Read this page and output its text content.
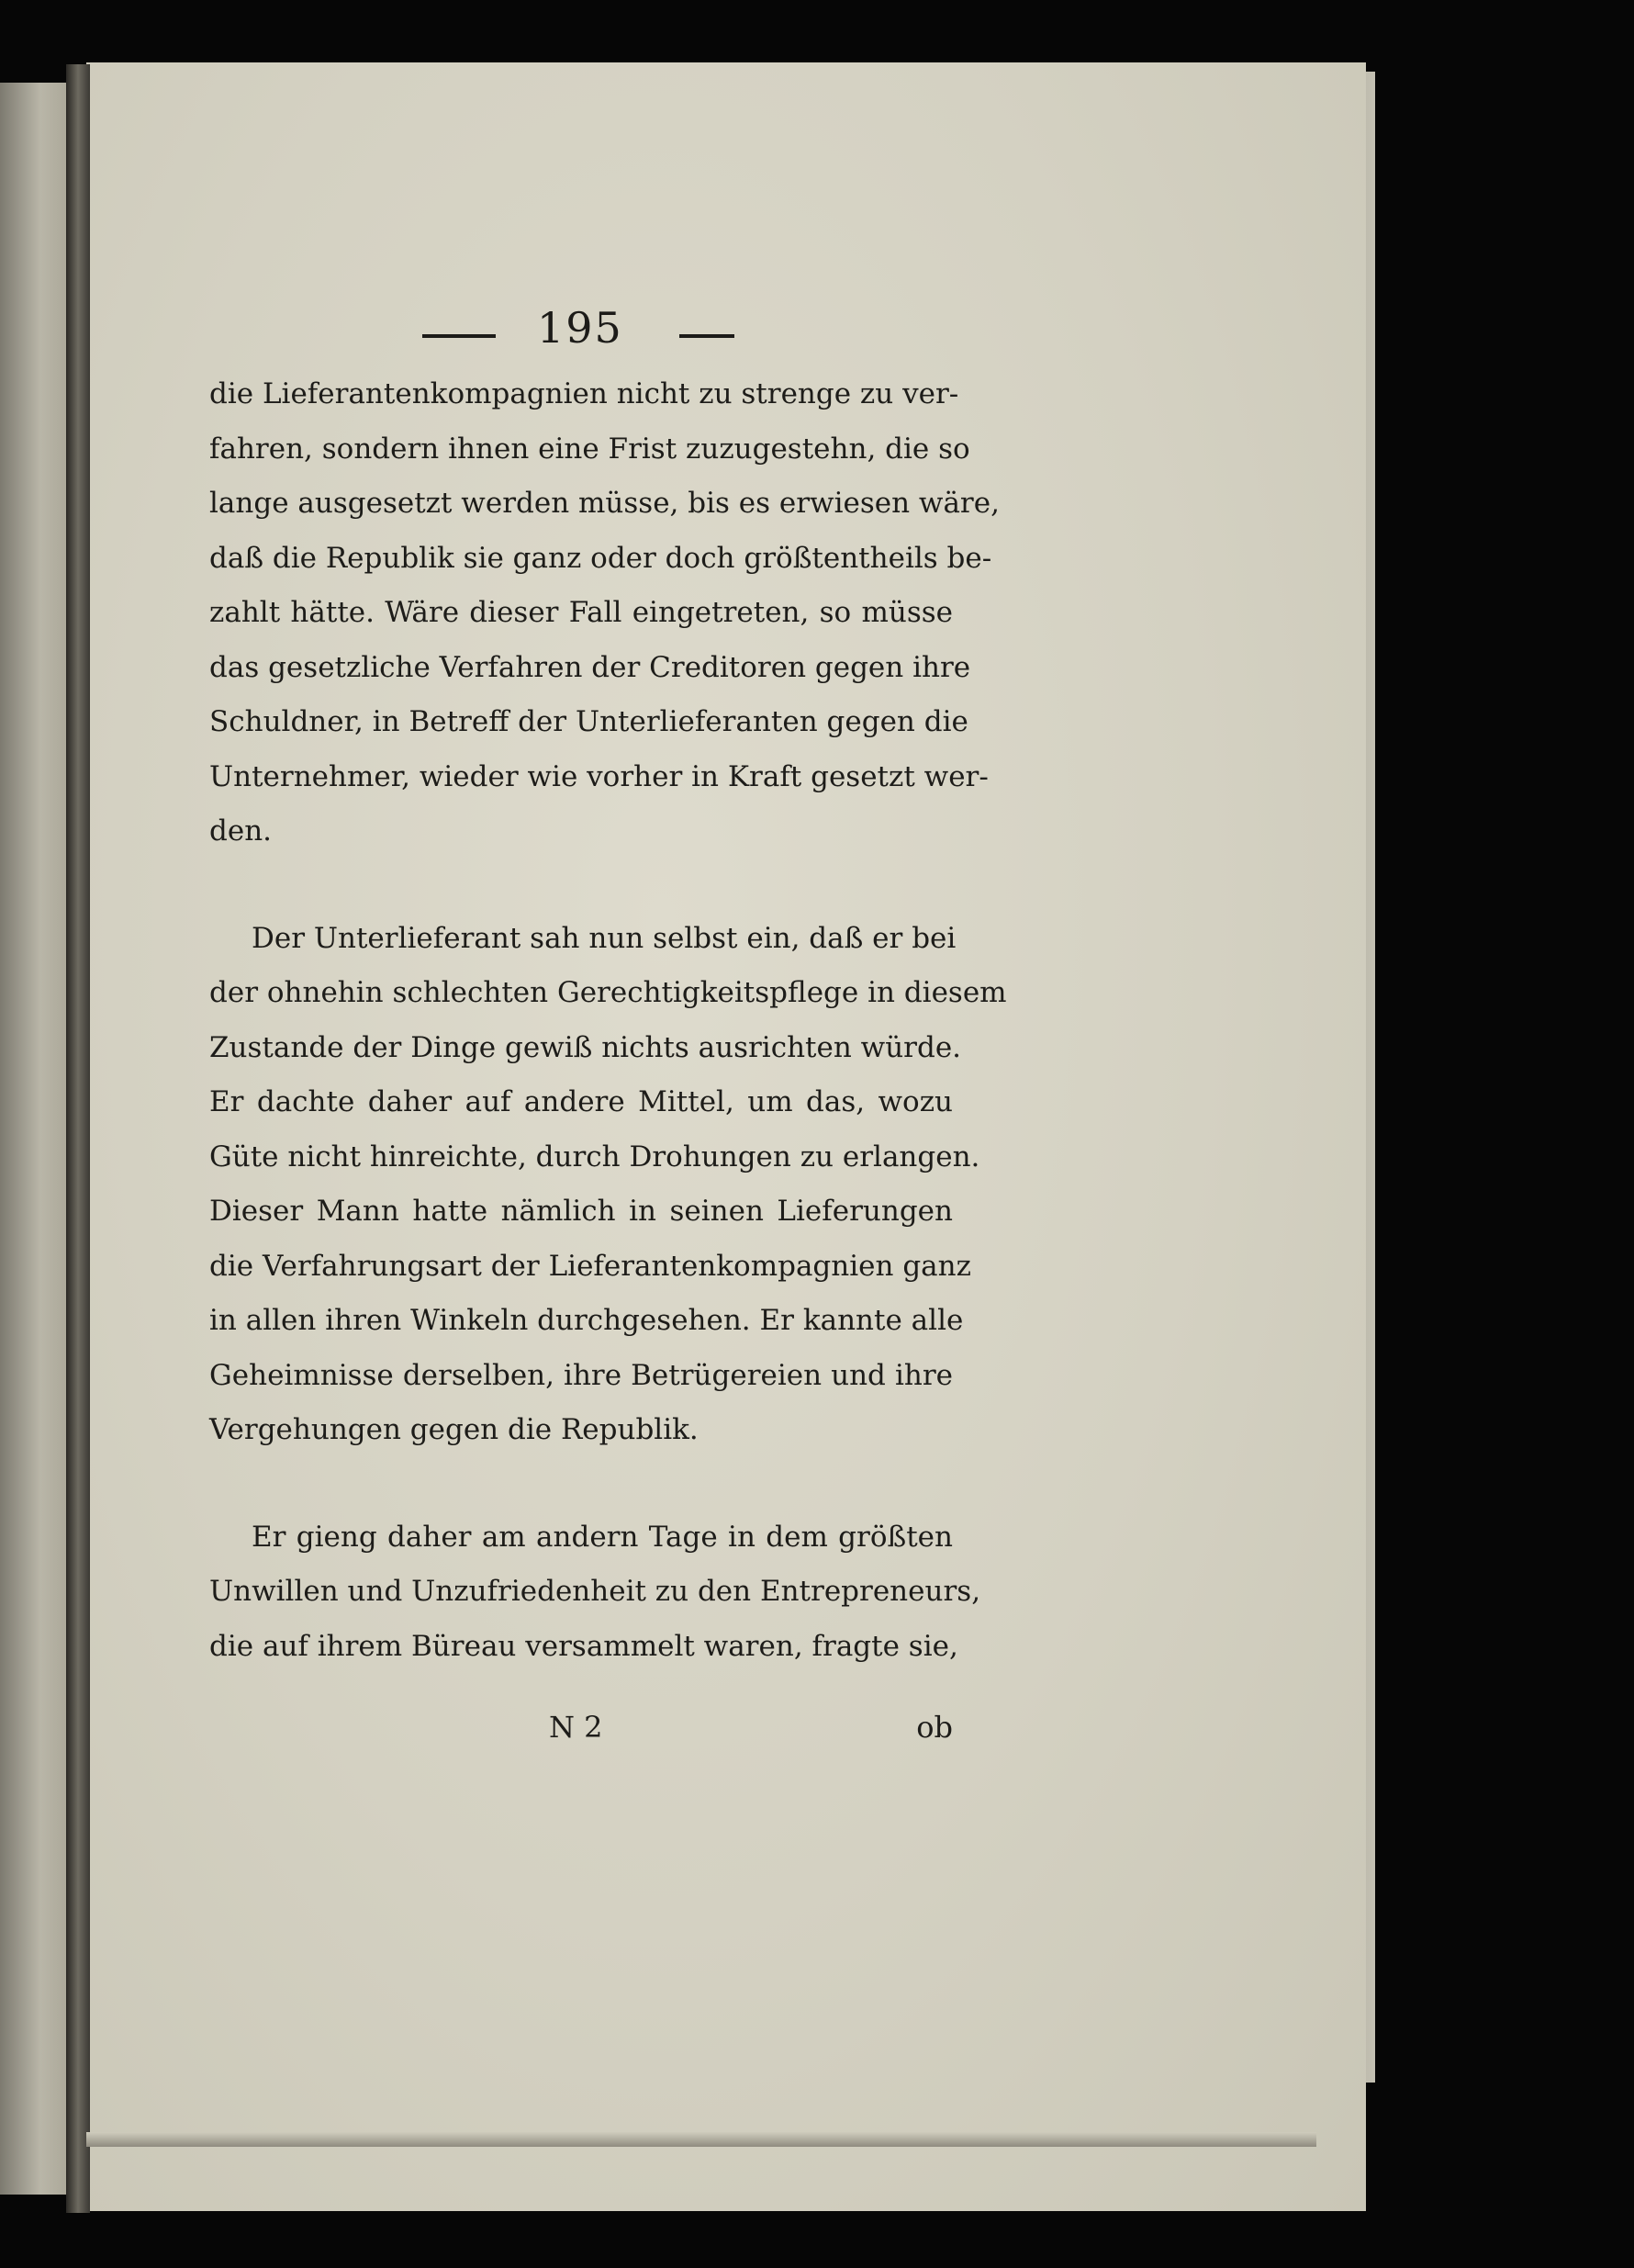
195
die Lieferantenkompagnien nicht zu strenge zu ver-
fahren, sondern ihnen eine Frist zuzugestehn, die so
lange ausgesetzt werden müsse, bis es erwiesen wäre,
daß die Republik sie ganz oder doch größtentheils be-
zahlt hätte. Wäre dieser Fall eingetreten, so müsse
das gesetzliche Verfahren der Creditoren gegen ihre
Schuldner, in Betreff der Unterlieferanten gegen die
Unternehmer, wieder wie vorher in Kraft gesetzt wer-
den.
Der Unterlieferant sah nun selbst ein, daß er bei
der ohnehin schlechten Gerechtigkeitspflege in diesem
Zustande der Dinge gewiß nichts ausrichten würde.
Er dachte daher auf andere Mittel, um das, wozu
Güte nicht hinreichte, durch Drohungen zu erlangen.
Dieser Mann hatte nämlich in seinen Lieferungen
die Verfahrungsart der Lieferantenkompagnien ganz
in allen ihren Winkeln durchgesehen. Er kannte alle
Geheimnisse derselben, ihre Betrügereien und ihre
Vergehungen gegen die Republik.
Er gieng daher am andern Tage in dem größten
Unwillen und Unzufriedenheit zu den Entrepreneurs,
die auf ihrem Büreau versammelt waren, fragte sie,
N 2	ob
